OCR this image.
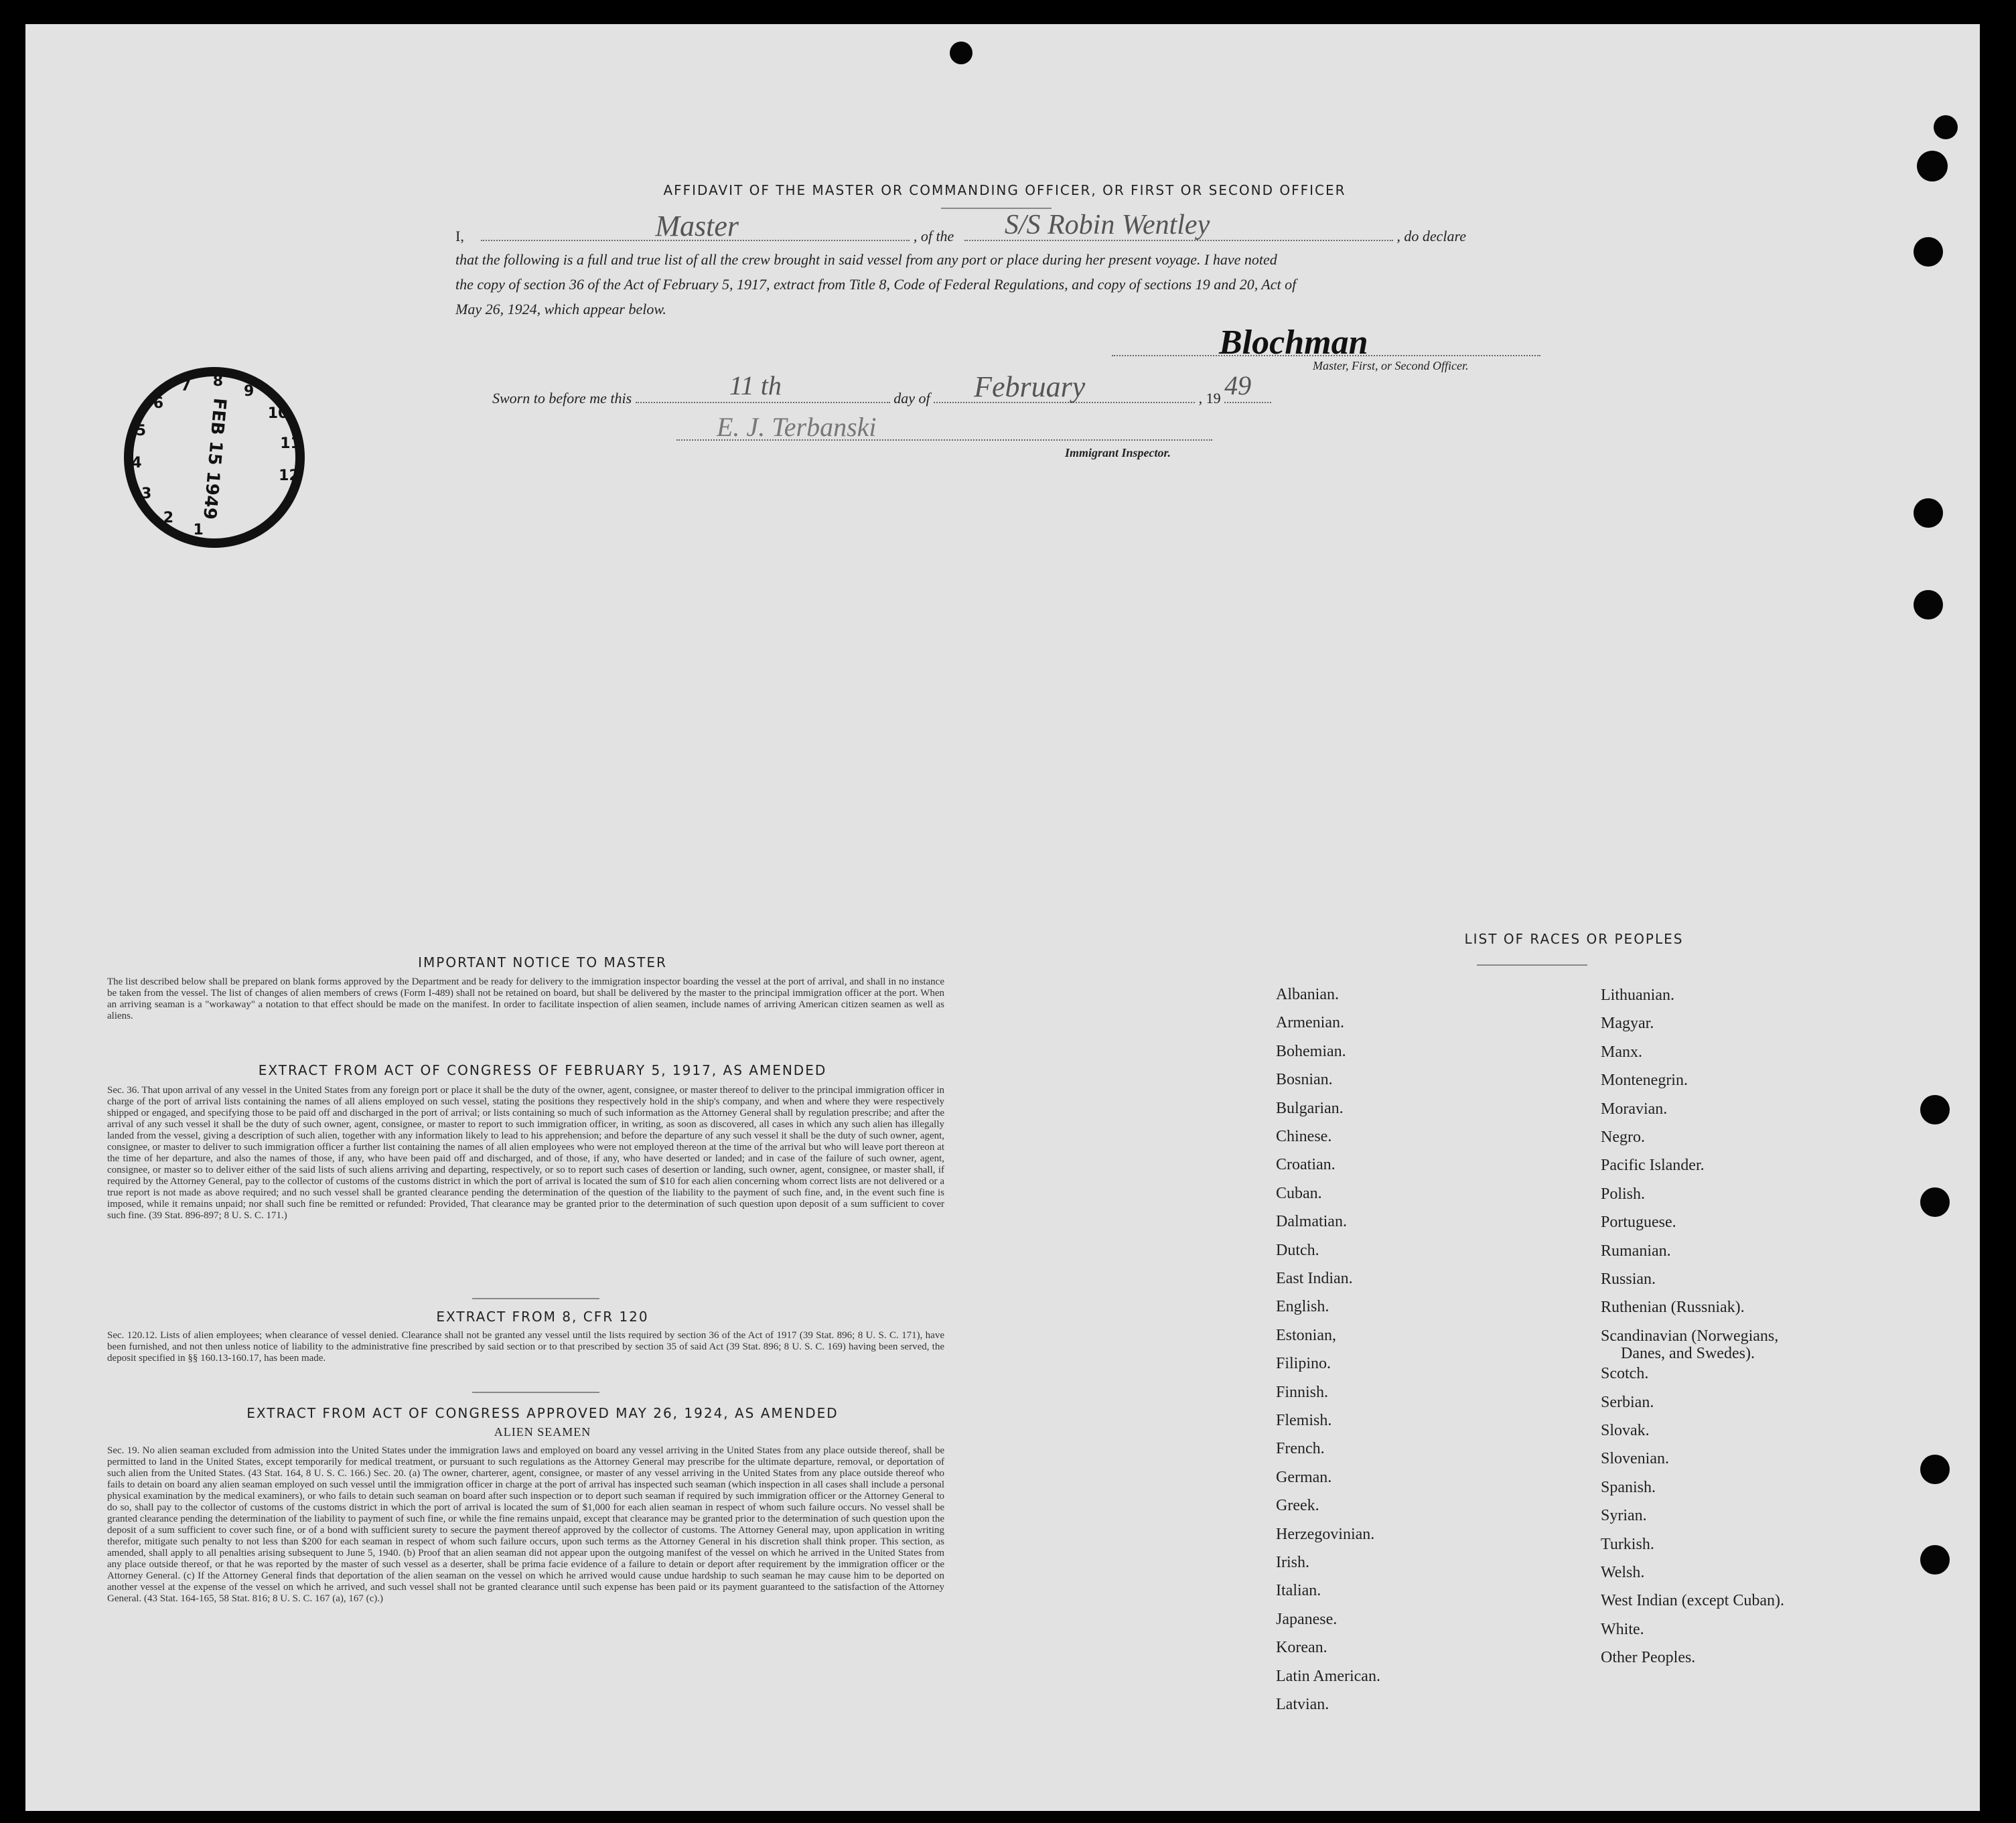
AFFIDAVIT OF THE MASTER OR COMMANDING OFFICER, OR FIRST OR SECOND OFFICER
I,	Master	, of the S/S Robin Wentley	, do declare
that the following is a full and true list of all the crew brought in said vessel from any port or place during her present voyage. I have noted
the copy of section 36 of the Act of February 5, 1917, extract from Title 8, Code of Federal Regulations, and copy of sections 19 and 20, Act of
May 26, 1924, which appear below.
Blochman
Master, First, or Second Officer.
Sworn to before me this	11 th	day of February	, 19 49
E. J. Terbanski
Immigrant Inspector.
FEB 15 1949
1
2
3
4
5
6
7 8
9
10
11
12
IMPORTANT NOTICE TO MASTER
The list described below shall be prepared on blank forms approved by the Department and be ready for delivery to the immigration inspector boarding the vessel at the port of arrival, and shall in no instance be taken from the vessel. The list of changes of alien members of crews (Form I-489) shall not be retained on board, but shall be delivered by the master to the principal immigration officer at the port. When an arriving seaman is a "workaway" a notation to that effect should be made on the manifest. In order to facilitate inspection of alien seamen, include names of arriving American citizen seamen as well as aliens.
EXTRACT FROM ACT OF CONGRESS OF FEBRUARY 5, 1917, AS AMENDED
Sec. 36. That upon arrival of any vessel in the United States from any foreign port or place it shall be the duty of the owner, agent, consignee, or master thereof to deliver to the principal immigration officer in charge of the port of arrival lists containing the names of all aliens employed on such vessel, stating the positions they respectively hold in the ship's company, and when and where they were respectively shipped or engaged, and specifying those to be paid off and discharged in the port of arrival; or lists containing so much of such information as the Attorney General shall by regulation prescribe; and after the arrival of any such vessel it shall be the duty of such owner, agent, consignee, or master to report to such immigration officer, in writing, as soon as discovered, all cases in which any such alien has illegally landed from the vessel, giving a description of such alien, together with any information likely to lead to his apprehension; and before the departure of any such vessel it shall be the duty of such owner, agent, consignee, or master to deliver to such immigration officer a further list containing the names of all alien employees who were not employed thereon at the time of the arrival but who will leave port thereon at the time of her departure, and also the names of those, if any, who have been paid off and discharged, and of those, if any, who have deserted or landed; and in case of the failure of such owner, agent, consignee, or master so to deliver either of the said lists of such aliens arriving and departing, respectively, or so to report such cases of desertion or landing, such owner, agent, consignee, or master shall, if required by the Attorney General, pay to the collector of customs of the customs district in which the port of arrival is located the sum of $10 for each alien concerning whom correct lists are not delivered or a true report is not made as above required; and no such vessel shall be granted clearance pending the determination of the question of the liability to the payment of such fine, and, in the event such fine is imposed, while it remains unpaid; nor shall such fine be remitted or refunded: Provided, That clearance may be granted prior to the determination of such question upon deposit of a sum sufficient to cover such fine. (39 Stat. 896-897; 8 U. S. C. 171.)
EXTRACT FROM 8, CFR 120
Sec. 120.12. Lists of alien employees; when clearance of vessel denied. Clearance shall not be granted any vessel until the lists required by section 36 of the Act of 1917 (39 Stat. 896; 8 U. S. C. 171), have been furnished, and not then unless notice of liability to the administrative fine prescribed by said section or to that prescribed by section 35 of said Act (39 Stat. 896; 8 U. S. C. 169) having been served, the deposit specified in §§ 160.13-160.17, has been made.
EXTRACT FROM ACT OF CONGRESS APPROVED MAY 26, 1924, AS AMENDED
ALIEN SEAMEN
Sec. 19. No alien seaman excluded from admission into the United States under the immigration laws and employed on board any vessel arriving in the United States from any place outside thereof, shall be permitted to land in the United States, except temporarily for medical treatment, or pursuant to such regulations as the Attorney General may prescribe for the ultimate departure, removal, or deportation of such alien from the United States. (43 Stat. 164, 8 U. S. C. 166.) Sec. 20. (a) The owner, charterer, agent, consignee, or master of any vessel arriving in the United States from any place outside thereof who fails to detain on board any alien seaman employed on such vessel until the immigration officer in charge at the port of arrival has inspected such seaman (which inspection in all cases shall include a personal physical examination by the medical examiners), or who fails to detain such seaman on board after such inspection or to deport such seaman if required by such immigration officer or the Attorney General to do so, shall pay to the collector of customs of the customs district in which the port of arrival is located the sum of $1,000 for each alien seaman in respect of whom such failure occurs. No vessel shall be granted clearance pending the determination of the liability to payment of such fine, or while the fine remains unpaid, except that clearance may be granted prior to the determination of such question upon the deposit of a sum sufficient to cover such fine, or of a bond with sufficient surety to secure the payment thereof approved by the collector of customs. The Attorney General may, upon application in writing therefor, mitigate such penalty to not less than $200 for each seaman in respect of whom such failure occurs, upon such terms as the Attorney General in his discretion shall think proper. This section, as amended, shall apply to all penalties arising subsequent to June 5, 1940. (b) Proof that an alien seaman did not appear upon the outgoing manifest of the vessel on which he arrived in the United States from any place outside thereof, or that he was reported by the master of such vessel as a deserter, shall be prima facie evidence of a failure to detain or deport after requirement by the immigration officer or the Attorney General. (c) If the Attorney General finds that deportation of the alien seaman on the vessel on which he arrived would cause undue hardship to such seaman he may cause him to be deported on another vessel at the expense of the vessel on which he arrived, and such vessel shall not be granted clearance until such expense has been paid or its payment guaranteed to the satisfaction of the Attorney General. (43 Stat. 164-165, 58 Stat. 816; 8 U. S. C. 167 (a), 167 (c).)
LIST OF RACES OR PEOPLES
Albanian.
Armenian.
Bohemian.
Bosnian.
Bulgarian.
Chinese.
Croatian.
Cuban.
Dalmatian.
Dutch.
East Indian.
English.
Estonian,
Filipino.
Finnish.
Flemish.
French.
German.
Greek.
Herzegovinian.
Irish.
Italian.
Japanese.
Korean.
Latin American.
Latvian.
Lithuanian.
Magyar.
Manx.
Montenegrin.
Moravian.
Negro.
Pacific Islander.
Polish.
Portuguese.
Rumanian.
Russian.
Ruthenian (Russniak).
Scandinavian (Norwegians,
Danes, and Swedes).
Scotch.
Serbian.
Slovak.
Slovenian.
Spanish.
Syrian.
Turkish.
Welsh.
West Indian (except Cuban).
White.
Other Peoples.
